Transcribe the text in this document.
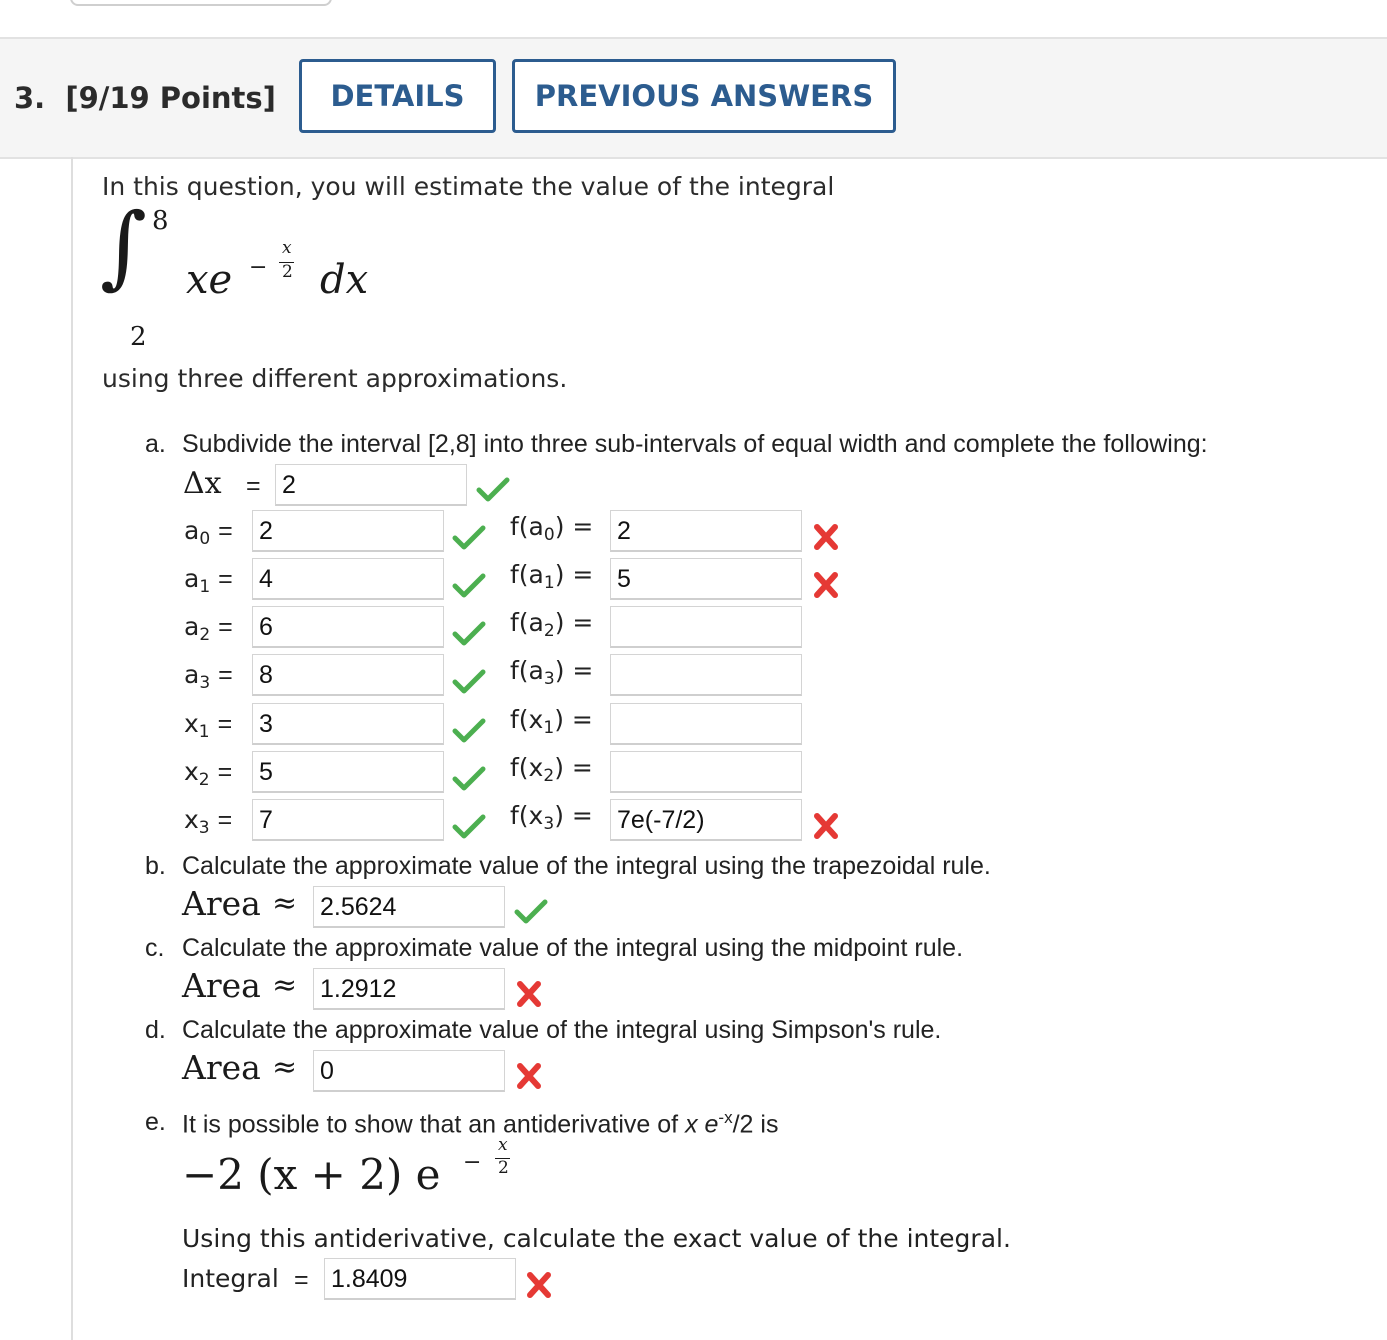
3. [9/19 Points]	DETAILS	PREVIOUS ANSWERS
In this question, you will estimate the value of the integral
∫ 8
2
xe −
x
2 dx
using three different approximations.
a. Subdivide the interval [2,8] into three sub-intervals of equal width and complete the following:
Δx = 2
$a_0 = 2$	$f(a_0) = 2$
$a_1 = 4$	$f(a_1) = 5$
$a_2 = 6$	$f(a_2)$ =
$a_3 = 8$	$f(a_3)$ =
$x_1 = 3$	$f(x_1)$ =
$x_2 = 5$	$f(x_2)$ =
$x_3 = 7$	$f(x_3) = 7e(-7/2)$
b. Calculate the approximate value of the integral using the trapezoidal rule.
Area ≈ 2.5624
c. Calculate the approximate value of the integral using the midpoint rule.
Area ≈ 1.2912
d. Calculate the approximate value of the integral using Simpson's rule.
Area ≈ 0
e. It is possible to show that an antiderivative of x $e^{-x}/2$ is
−2 (x + 2) e −
x
2
Using this antiderivative, calculate the exact value of the integral.
Integral = 1.8409
